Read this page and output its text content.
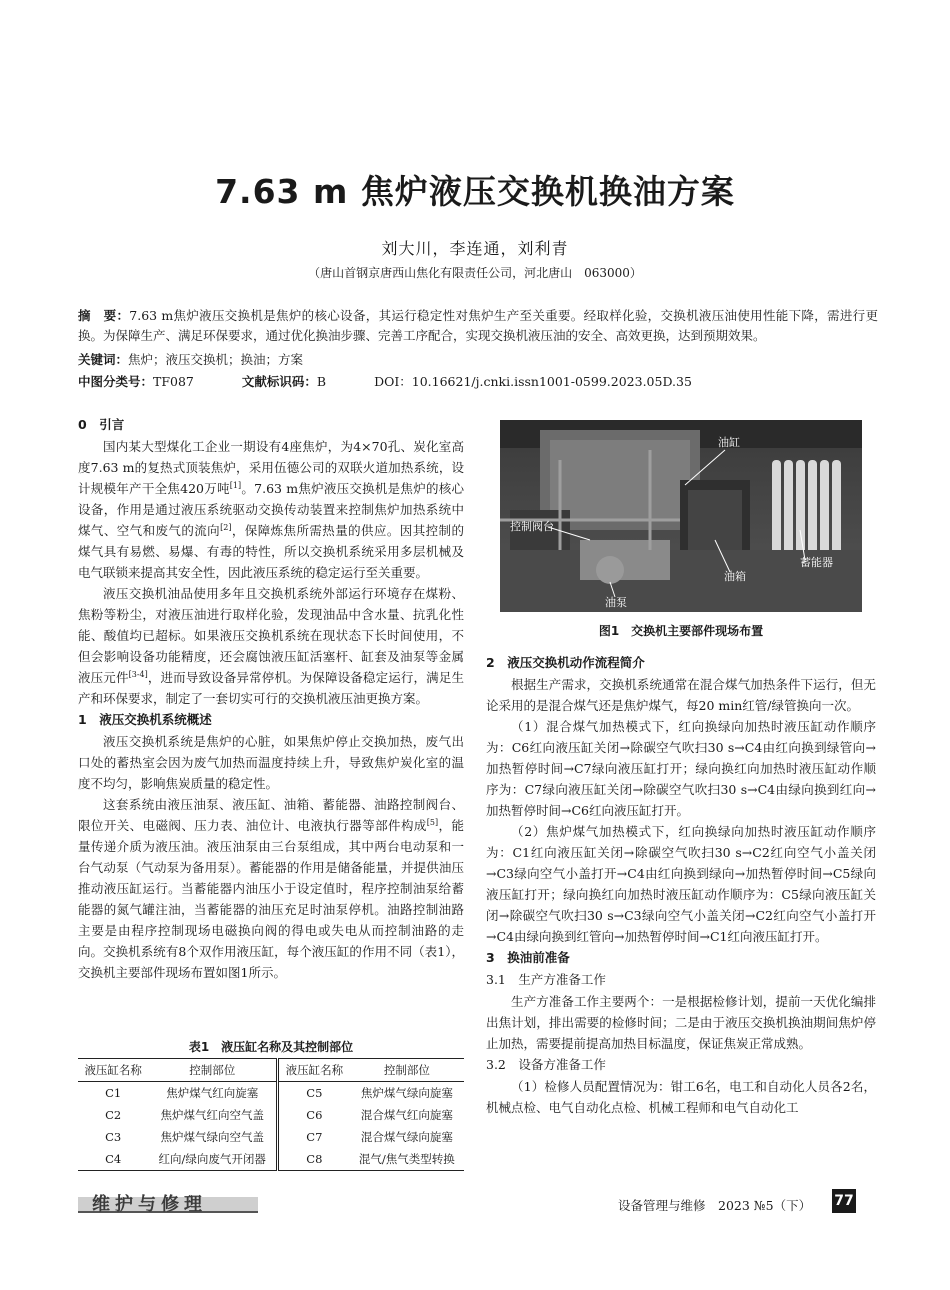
7.63 m 焦炉液压交换机换油方案
刘大川，李连通，刘利青
（唐山首钢京唐西山焦化有限责任公司，河北唐山　063000）
摘　要：7.63 m焦炉液压交换机是焦炉的核心设备，其运行稳定性对焦炉生产至关重要。经取样化验，交换机液压油使用性能下降，需进行更换。为保障生产、满足环保要求，通过优化换油步骤、完善工序配合，实现交换机液压油的安全、高效更换，达到预期效果。
关键词：焦炉；液压交换机；换油；方案
中图分类号：TF087	文献标识码：B	DOI：10.16621/j.cnki.issn1001-0599.2023.05D.35
0　引言

国内某大型煤化工企业一期设有4座焦炉，为4×70孔、炭化室高度7.63 m的复热式顶装焦炉，采用伍德公司的双联火道加热系统，设计规模年产干全焦420万吨[1]。7.63 m焦炉液压交换机是焦炉的核心设备，作用是通过液压系统驱动交换传动装置来控制焦炉加热系统中煤气、空气和废气的流向[2]，保障炼焦所需热量的供应。因其控制的煤气具有易燃、易爆、有毒的特性，所以交换机系统采用多层机械及电气联锁来提高其安全性，因此液压系统的稳定运行至关重要。

液压交换机油品使用多年且交换机系统外部运行环境存在煤粉、焦粉等粉尘，对液压油进行取样化验，发现油品中含水量、抗乳化性能、酸值均已超标。如果液压交换机系统在现状态下长时间使用，不但会影响设备功能精度，还会腐蚀液压缸活塞杆、缸套及油泵等金属液压元件[3-4]，进而导致设备异常停机。为保障设备稳定运行，满足生产和环保要求，制定了一套切实可行的交换机液压油更换方案。

1　液压交换机系统概述

液压交换机系统是焦炉的心脏，如果焦炉停止交换加热，废气出口处的蓄热室会因为废气加热而温度持续上升，导致焦炉炭化室的温度不均匀，影响焦炭质量的稳定性。

这套系统由液压油泵、液压缸、油箱、蓄能器、油路控制阀台、限位开关、电磁阀、压力表、油位计、电液执行器等部件构成[5]，能量传递介质为液压油。液压油泵由三台泵组成，其中两台电动泵和一台气动泵（气动泵为备用泵）。蓄能器的作用是储备能量，并提供油压推动液压缸运行。当蓄能器内油压小于设定值时，程序控制油泵给蓄能器的氮气罐注油，当蓄能器的油压充足时油泵停机。油路控制油路主要是由程序控制现场电磁换向阀的得电或失电从而控制油路的走向。交换机系统有8个双作用液压缸，每个液压缸的作用不同（表1），交换机主要部件现场布置如图1所示。

表1　液压缸名称及其控制部位
液压缸名称	控制部位	液压缸名称	控制部位
C1	焦炉煤气红向旋塞	C5	焦炉煤气绿向旋塞
C2	焦炉煤气红向空气盖	C6	混合煤气红向旋塞
C3	焦炉煤气绿向空气盖	C7	混合煤气绿向旋塞
C4	红向/绿向废气开闭器	C8	混气/焦气类型转换
油缸
控制阀台
蓄能器
油箱
油泵
图1　交换机主要部件现场布置
2　液压交换机动作流程简介

根据生产需求，交换机系统通常在混合煤气加热条件下运行，但无论采用的是混合煤气还是焦炉煤气，每20 min红管/绿管换向一次。

（1）混合煤气加热模式下，红向换绿向加热时液压缸动作顺序为：C6红向液压缸关闭→除碳空气吹扫30 s→C4由红向换到绿管向→加热暂停时间→C7绿向液压缸打开；绿向换红向加热时液压缸动作顺序为：C7绿向液压缸关闭→除碳空气吹扫30 s→C4由绿向换到红向→加热暂停时间→C6红向液压缸打开。

（2）焦炉煤气加热模式下，红向换绿向加热时液压缸动作顺序为：C1红向液压缸关闭→除碳空气吹扫30 s→C2红向空气小盖关闭→C3绿向空气小盖打开→C4由红向换到绿向→加热暂停时间→C5绿向液压缸打开；绿向换红向加热时液压缸动作顺序为：C5绿向液压缸关闭→除碳空气吹扫30 s→C3绿向空气小盖关闭→C2红向空气小盖打开→C4由绿向换到红管向→加热暂停时间→C1红向液压缸打开。

3　换油前准备
3.1　生产方准备工作

生产方准备工作主要两个：一是根据检修计划，提前一天优化编排出焦计划，排出需要的检修时间；二是由于液压交换机换油期间焦炉停止加热，需要提前提高加热目标温度，保证焦炭正常成熟。

3.2　设备方准备工作

（1）检修人员配置情况为：钳工6名，电工和自动化人员各2名，机械点检、电气自动化点检、机械工程师和电气自动化工

维护与修理	设备管理与维修　2023 №5（下） 77
